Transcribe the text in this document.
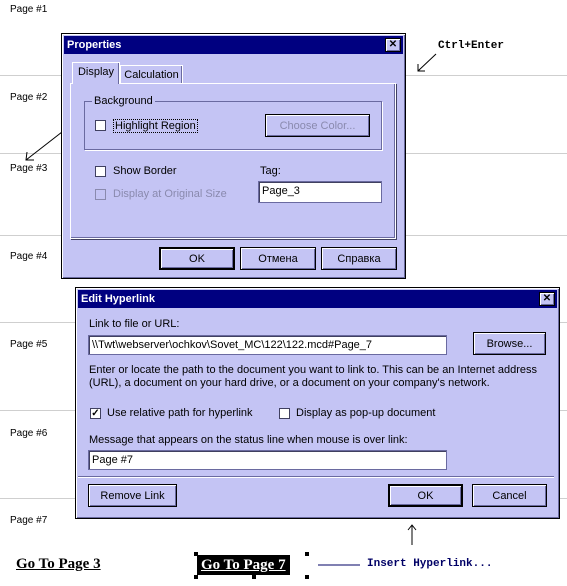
Page #1
Page #2
Page #3
Page #4
Page #5
Page #6
Page #7
Ctrl+Enter
Insert Hyperlink...
Go To Page 3	Go To Page 7
Properties	✕
Display Calculation
Background
Highlight Region	Choose Color...
Show Border
Display at Original Size
Tag:
Page_3
OK	Отмена	Справка
Edit Hyperlink	✕
Link to file or URL:
\\Twt\webserver\ochkov\Sovet_MC\122\122.mcd#Page_7	Browse...
Enter or locate the path to the document you want to link to. This can be an Internet address
(URL), a document on your hard drive, or a document on your company's network.
✓ Use relative path for hyperlink	Display as pop-up document
Message that appears on the status line when mouse is over link:
Page #7
Remove Link	OK	Cancel
